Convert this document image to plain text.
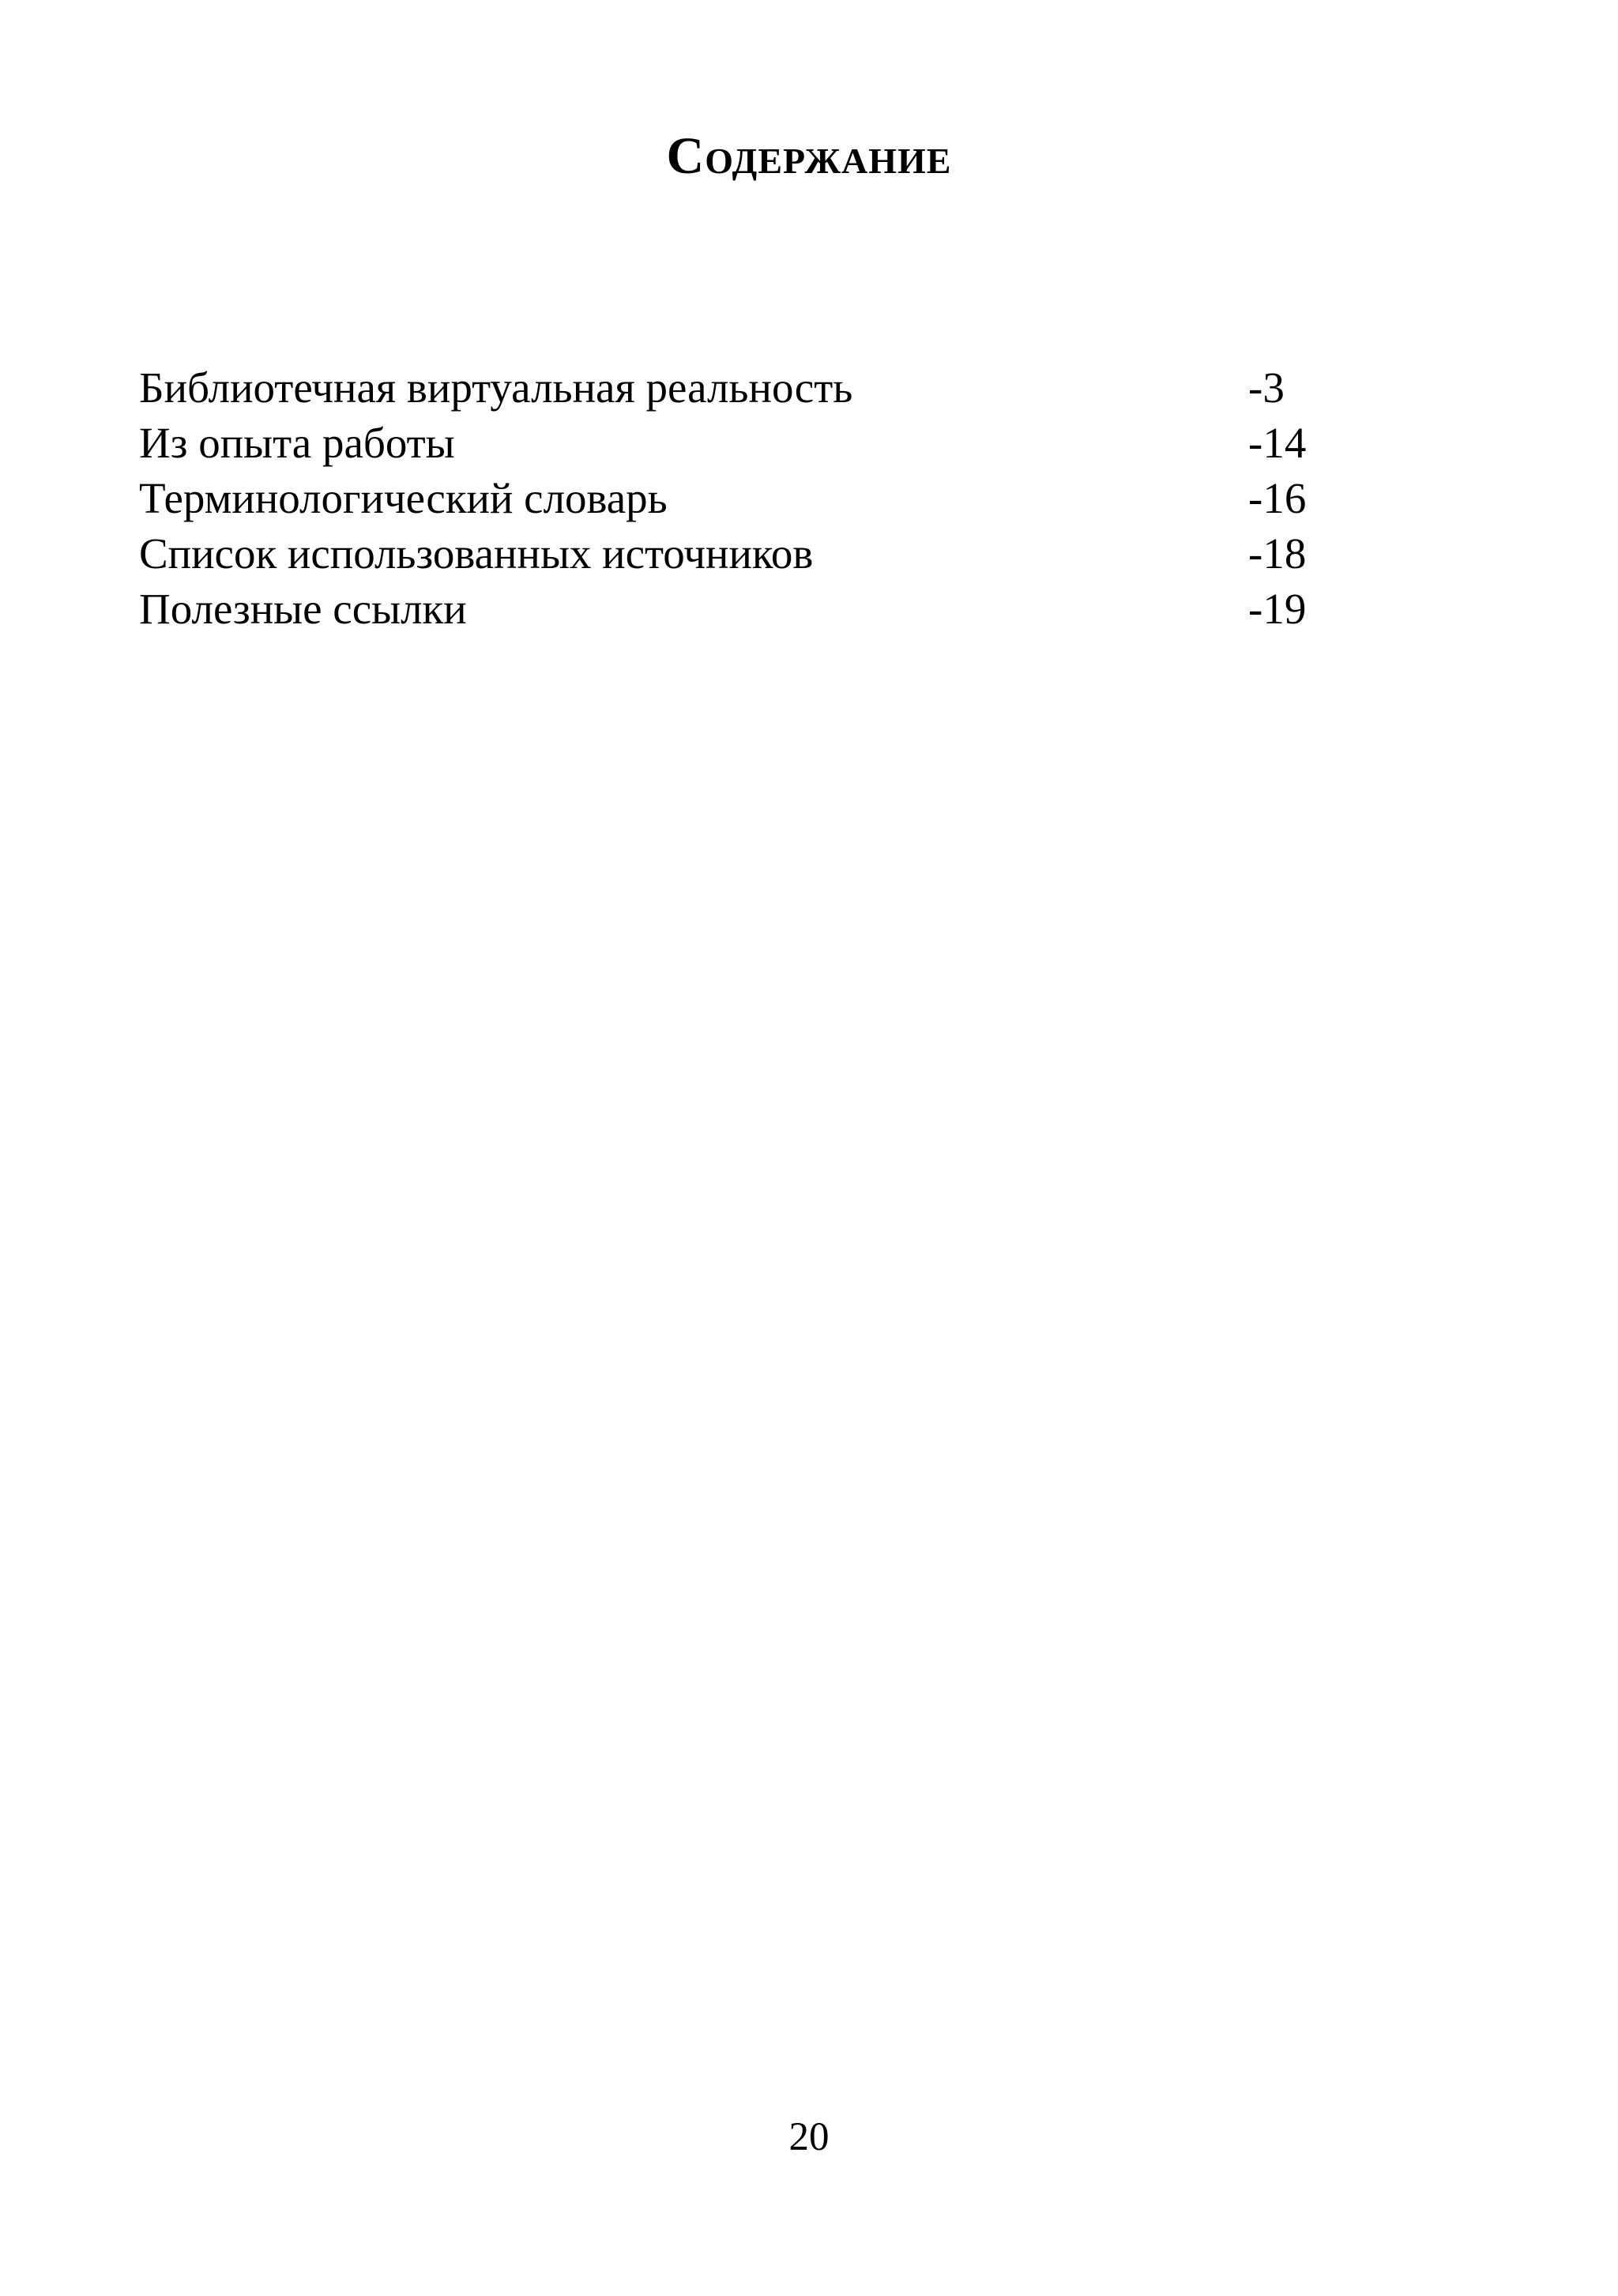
Содержание
Библиотечная виртуальная реальность	-3
Из опыта работы	-14
Терминологический словарь	-16
Список использованных источников	-18
Полезные ссылки	-19
20
